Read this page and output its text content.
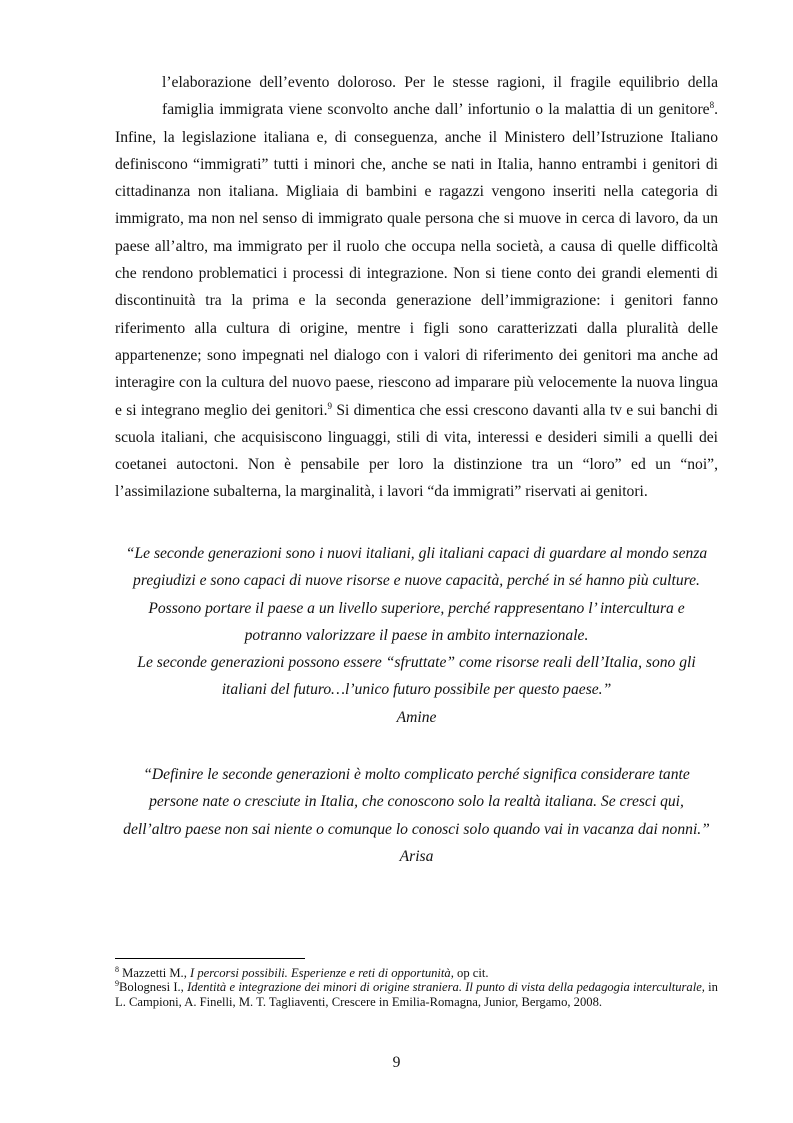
l’elaborazione dell’evento doloroso. Per le stesse ragioni, il fragile equilibrio della
famiglia immigrata viene sconvolto anche dall’ infortunio o la malattia di un genitore$^8$.

Infine, la legislazione italiana e, di conseguenza, anche il Ministero dell’Istruzione Italiano definiscono “immigrati” tutti i minori che, anche se nati in Italia, hanno entrambi i genitori di cittadinanza non italiana. Migliaia di bambini e ragazzi vengono inseriti nella categoria di immigrato, ma non nel senso di immigrato quale persona che si muove in cerca di lavoro, da un paese all’altro, ma immigrato per il ruolo che occupa nella società, a causa di quelle difficoltà che rendono problematici i processi di integrazione. Non si tiene conto dei grandi elementi di discontinuità tra la prima e la seconda generazione dell’immigrazione: i genitori fanno riferimento alla cultura di origine, mentre i figli sono caratterizzati dalla pluralità delle appartenenze; sono impegnati nel dialogo con i valori di riferimento dei genitori ma anche ad interagire con la cultura del nuovo paese, riescono ad imparare più velocemente la nuova lingua e si integrano meglio dei genitori.$^9$ Si dimentica che essi crescono davanti alla tv e sui banchi di scuola italiani, che acquisiscono linguaggi, stili di vita, interessi e desideri simili a quelli dei coetanei autoctoni. Non è pensabile per loro la distinzione tra un “loro” ed un “noi”, l’assimilazione subalterna, la marginalità, i lavori “da immigrati” riservati ai genitori.

“Le seconde generazioni sono i nuovi italiani, gli italiani capaci di guardare al mondo senza
pregiudizi e sono capaci di nuove risorse e nuove capacità, perché in sé hanno più culture.
Possono portare il paese a un livello superiore, perché rappresentano l’ intercultura e
potranno valorizzare il paese in ambito internazionale.
Le seconde generazioni possono essere “sfruttate” come risorse reali dell’Italia, sono gli
italiani del futuro…l’unico futuro possibile per questo paese.”
Amine
“Definire le seconde generazioni è molto complicato perché significa considerare tante
persone nate o cresciute in Italia, che conoscono solo la realtà italiana. Se cresci qui,
dell’altro paese non sai niente o comunque lo conosci solo quando vai in vacanza dai nonni.”
Arisa

$^8$ Mazzetti M., I percorsi possibili. Esperienze e reti di opportunità, op cit.

$^9$Bolognesi I., Identità e integrazione dei minori di origine straniera. Il punto di vista della pedagogia interculturale, in L. Campioni, A. Finelli, M. T. Tagliaventi, Crescere in Emilia-Romagna, Junior, Bergamo, 2008.

9
